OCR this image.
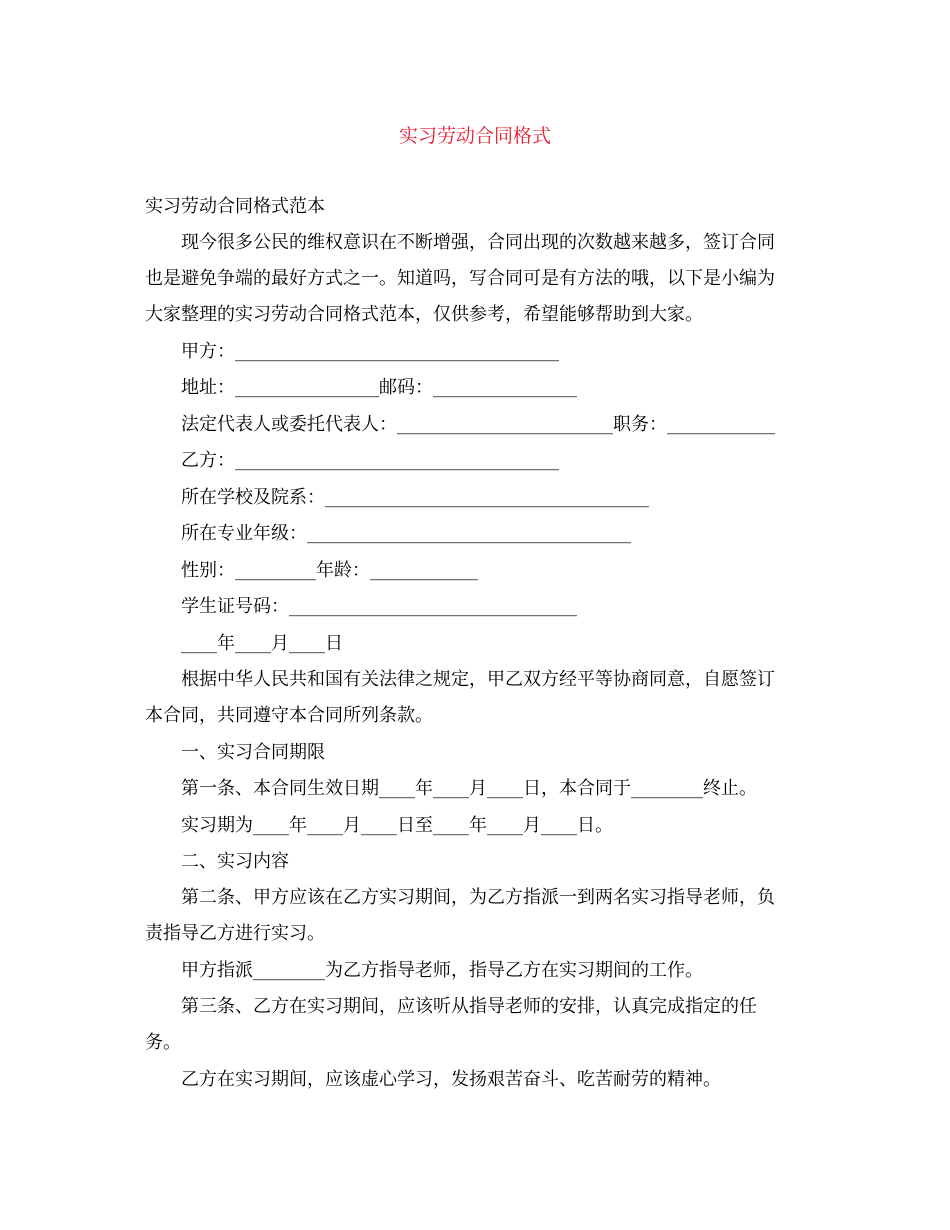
实习劳动合同格式
实习劳动合同格式范本
现今很多公民的维权意识在不断增强，合同出现的次数越来越多，签订合同
也是避免争端的最好方式之一。知道吗，写合同可是有方法的哦，以下是小编为
大家整理的实习劳动合同格式范本，仅供参考，希望能够帮助到大家。
甲方：____________________________________
地址：________________邮码：________________
法定代表人或委托代表人：________________________职务：____________
乙方：____________________________________
所在学校及院系：____________________________________
所在专业年级：____________________________________
性别：_________年龄：____________
学生证号码：________________________________
____年____月____日
根据中华人民共和国有关法律之规定，甲乙双方经平等协商同意，自愿签订
本合同，共同遵守本合同所列条款。
一、实习合同期限
第一条、本合同生效日期____年____月____日，本合同于________终止。
实习期为____年____月____日至____年____月____日。
二、实习内容
第二条、甲方应该在乙方实习期间，为乙方指派一到两名实习指导老师，负
责指导乙方进行实习。
甲方指派________为乙方指导老师，指导乙方在实习期间的工作。
第三条、乙方在实习期间，应该听从指导老师的安排，认真完成指定的任
务。
乙方在实习期间，应该虚心学习，发扬艰苦奋斗、吃苦耐劳的精神。
